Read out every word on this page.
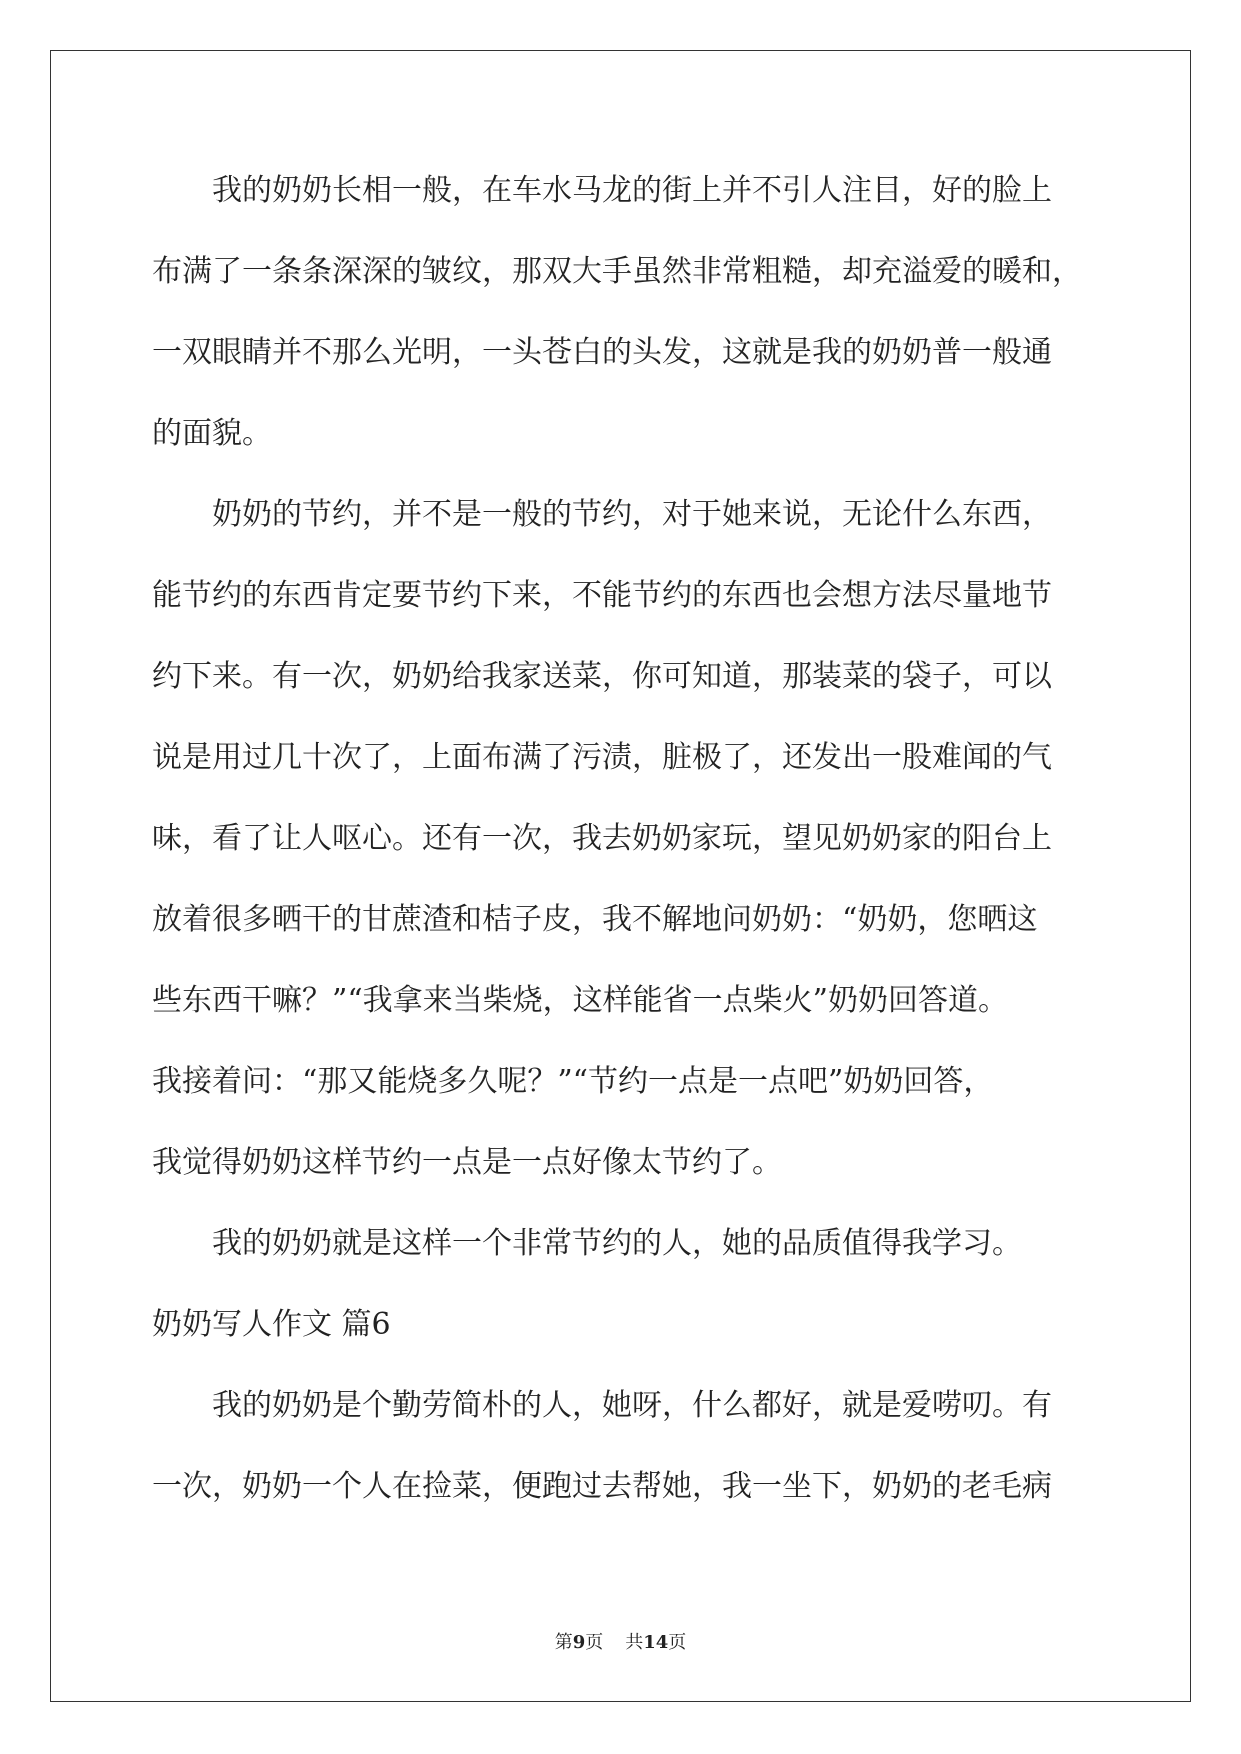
我的奶奶长相一般，在车水马龙的街上并不引人注目，好的脸上
布满了一条条深深的皱纹，那双大手虽然非常粗糙，却充溢爱的暖和，
一双眼睛并不那么光明，一头苍白的头发，这就是我的奶奶普一般通
的面貌。
奶奶的节约，并不是一般的节约，对于她来说，无论什么东西，
能节约的东西肯定要节约下来，不能节约的东西也会想方法尽量地节
约下来。有一次，奶奶给我家送菜，你可知道，那装菜的袋子，可以
说是用过几十次了，上面布满了污渍，脏极了，还发出一股难闻的气
味，看了让人呕心。还有一次，我去奶奶家玩，望见奶奶家的阳台上
放着很多晒干的甘蔗渣和桔子皮，我不解地问奶奶：“奶奶，您晒这
些东西干嘛？”“我拿来当柴烧，这样能省一点柴火”奶奶回答道。
我接着问：“那又能烧多久呢？”“节约一点是一点吧”奶奶回答，
我觉得奶奶这样节约一点是一点好像太节约了。
我的奶奶就是这样一个非常节约的人，她的品质值得我学习。
奶奶写人作文 篇6
我的奶奶是个勤劳简朴的人，她呀，什么都好，就是爱唠叨。有
一次，奶奶一个人在捡菜，便跑过去帮她，我一坐下，奶奶的老毛病
第9页 共14页
